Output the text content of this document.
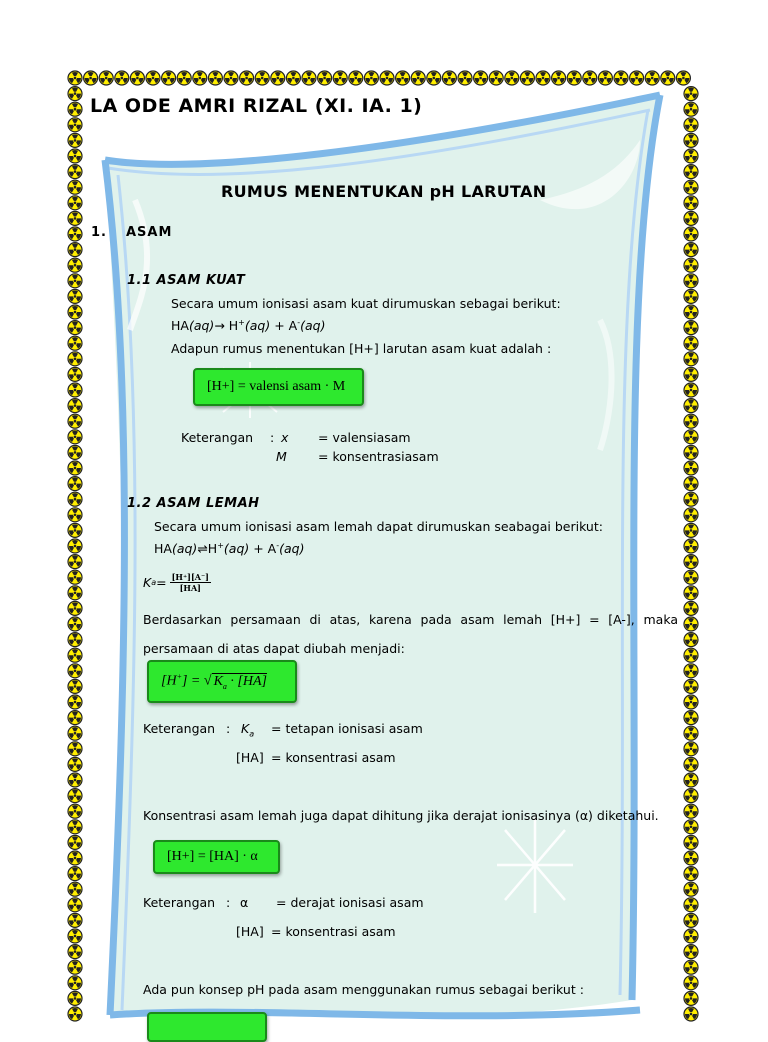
LA ODE AMRI RIZAL (XI. IA. 1)
RUMUS MENENTUKAN pH LARUTAN
1. ASAM
1.1 ASAM KUAT
Secara umum ionisasi asam kuat dirumuskan sebagai berikut:
HA(aq)→ H+(aq) + A-(aq)
Adapun rumus menentukan [H+] larutan asam kuat adalah :
[H+] = valensi asam · M
Keterangan : x = valensiasam
M = konsentrasiasam
1.2 ASAM LEMAH
Secara umum ionisasi asam lemah dapat dirumuskan seabagai berikut:
HA(aq)⇌H+(aq) + A-(aq)
K $a = \frac{[H^+][A^-]}{[HA]}$
Berdasarkan persamaan di atas, karena pada asam lemah [H+] = [A-], maka
persamaan di atas dapat diubah menjadi:
[H+] = √ $K_a \cdot [HA]$
Keterangan : $K_a$ = tetapan ionisasi asam
[HA] = konsentrasi asam
Konsentrasi asam lemah juga dapat dihitung jika derajat ionisasinya (α) diketahui.
[H+] = [HA] · α
Keterangan : α = derajat ionisasi asam
[HA] = konsentrasi asam
Ada pun konsep pH pada asam menggunakan rumus sebagai berikut :
